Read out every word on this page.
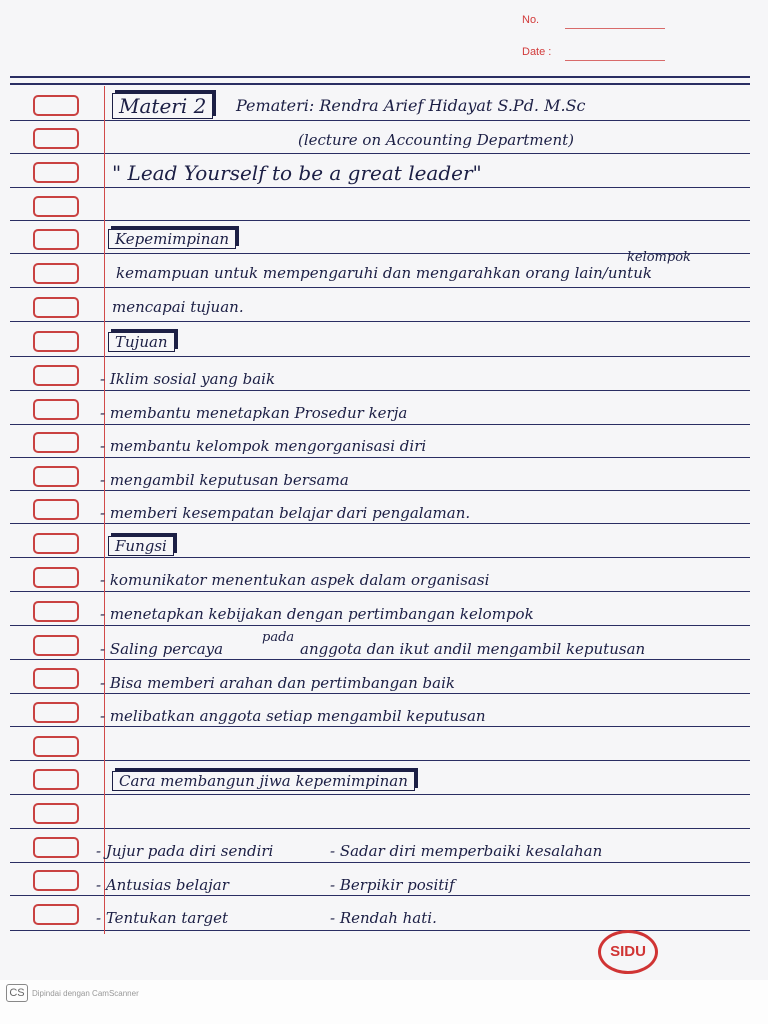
No.
Date :
Materi 2	Pemateri: Rendra Arief Hidayat S.Pd. M.Sc
(lecture on Accounting Department)
" Lead Yourself to be a great leader"
Kepemimpinan
kemampuan untuk mempengaruhi dan mengarahkan orang lain/untuk
kelompok
mencapai tujuan.
Tujuan
- Iklim sosial yang baik
- membantu menetapkan Prosedur kerja
- membantu kelompok mengorganisasi diri
- mengambil keputusan bersama
- memberi kesempatan belajar dari pengalaman.
Fungsi
- komunikator menentukan aspek dalam organisasi
- menetapkan kebijakan dengan pertimbangan kelompok
- Saling percaya
pada
anggota dan ikut andil mengambil keputusan
- Bisa memberi arahan dan pertimbangan baik
- melibatkan anggota setiap mengambil keputusan
Cara membangun jiwa kepemimpinan
- Jujur pada diri sendiri
- Antusias belajar
- Tentukan target
- Sadar diri memperbaiki kesalahan
- Berpikir positif
- Rendah hati.
SIDU
CS Dipindai dengan CamScanner
